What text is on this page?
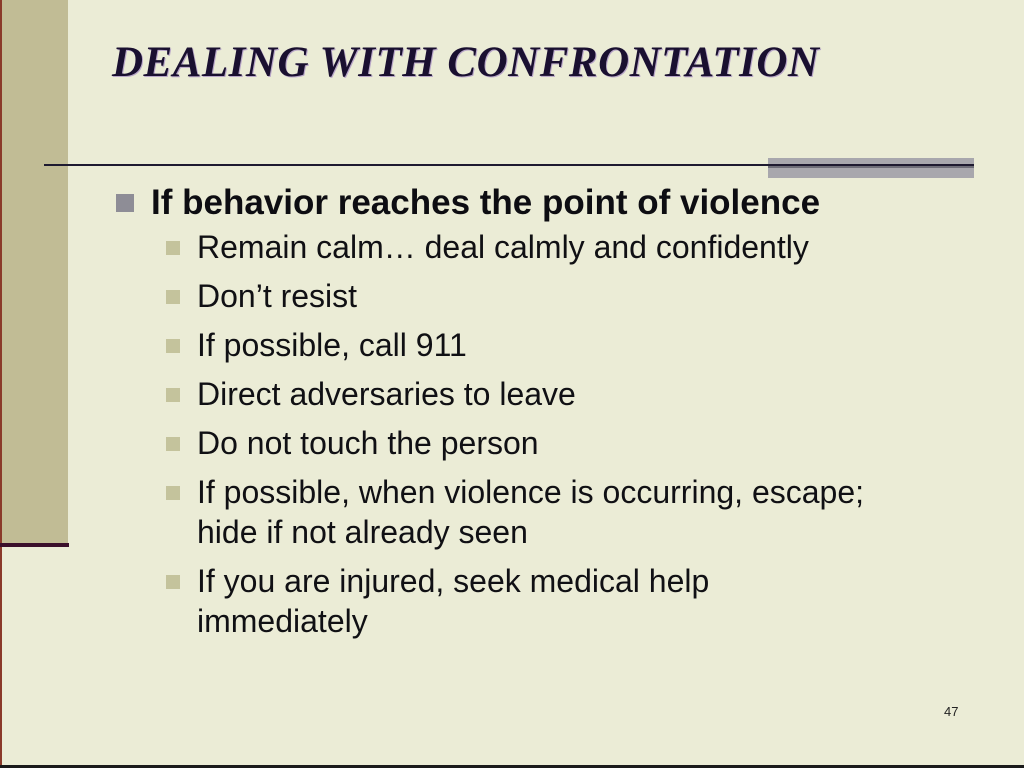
DEALING WITH CONFRONTATION
If behavior reaches the point of violence
Remain calm… deal calmly and confidently
Don’t resist
If possible, call 911
Direct adversaries to leave
Do not touch the person
If possible, when violence is occurring, escape; hide if not already seen
If you are injured, seek medical help immediately
47
